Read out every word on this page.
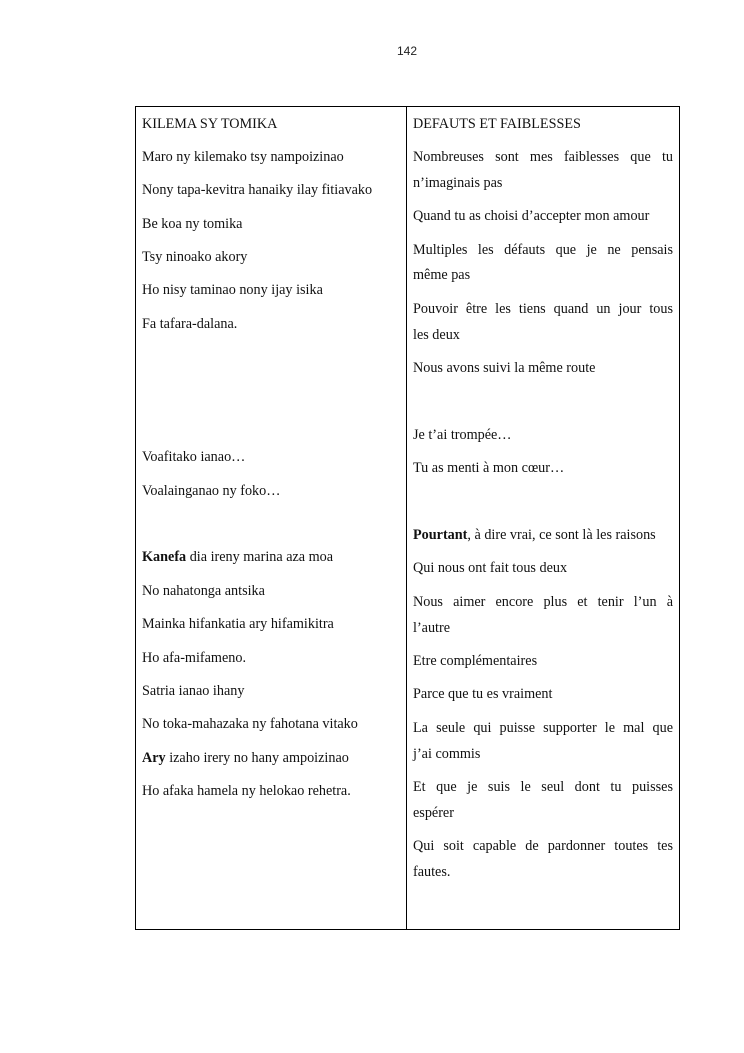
142
KILEMA SY TOMIKA
Maro ny kilemako tsy nampoizinao
Nony tapa-kevitra hanaiky ilay fitiavako
Be koa ny tomika
Tsy ninoako akory
Ho nisy taminao nony ijay isika
Fa tafara-dalana.
Voafitako ianao…
Voalainganao ny foko…
Kanefa dia ireny marina aza moa
No nahatonga antsika
Mainka hifankatia ary hifamikitra
Ho afa-mifameno.
Satria ianao ihany
No toka-mahazaka ny fahotana vitako
Ary izaho irery no hany ampoizinao
Ho afaka hamela ny helokao rehetra.
DEFAUTS ET FAIBLESSES
Nombreuses sont mes faiblesses que tu
n’imaginais pas
Quand tu as choisi d’accepter mon amour
Multiples les défauts que je ne pensais
même pas
Pouvoir être les tiens quand un jour tous
les deux
Nous avons suivi la même route
Je t’ai trompée…
Tu as menti à mon cœur…
Pourtant, à dire vrai, ce sont là les raisons
Qui nous ont fait tous deux
Nous aimer encore plus et tenir l’un à
l’autre
Etre complémentaires
Parce que tu es vraiment
La seule qui puisse supporter le mal que
j’ai commis
Et que je suis le seul dont tu puisses
espérer
Qui soit capable de pardonner toutes tes
fautes.
